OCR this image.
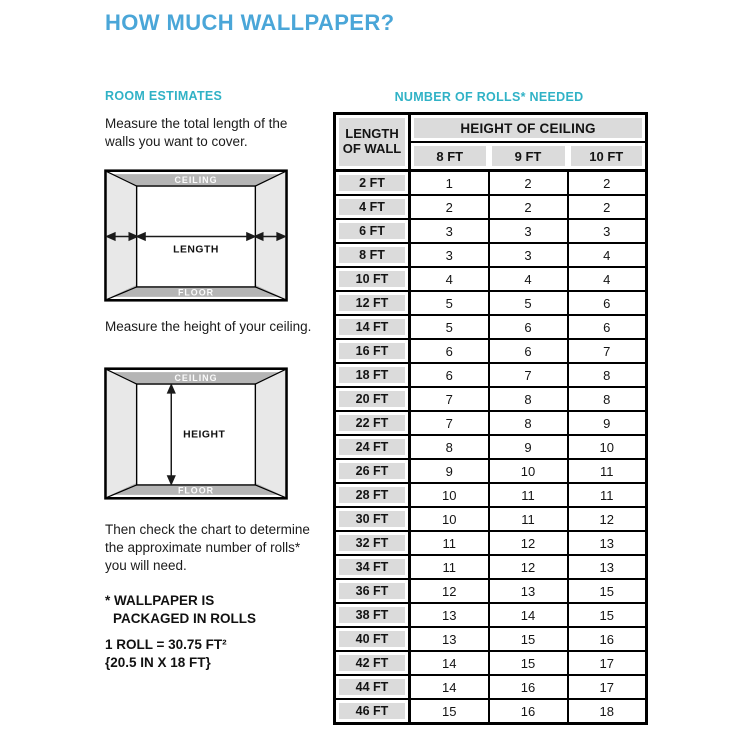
HOW MUCH WALLPAPER?
ROOM ESTIMATES

Measure the total length of the walls you want to cover.

CEILING
FLOOR
LENGTH

Measure the height of your ceiling.

CEILING
FLOOR
HEIGHT

Then check the chart to determine the approximate number of rolls* you will need.

* WALLPAPER IS
PACKAGED IN ROLLS

1 ROLL = 30.75 FT²
{20.5 IN X 18 FT}

NUMBER OF ROLLS* NEEDED
LENGTH OF WALL	HEIGHT OF CEILING		
	8 FT	9 FT	10 FT
2 FT	1	2	2
4 FT	2	2	2
6 FT	3	3	3
8 FT	3	3	4
10 FT	4	4	4
12 FT	5	5	6
14 FT	5	6	6
16 FT	6	6	7
18 FT	6	7	8
20 FT	7	8	8
22 FT	7	8	9
24 FT	8	9	10
26 FT	9	10	11
28 FT	10	11	11
30 FT	10	11	12
32 FT	11	12	13
34 FT	11	12	13
36 FT	12	13	15
38 FT	13	14	15
40 FT	13	15	16
42 FT	14	15	17
44 FT	14	16	17
46 FT	15	16	18
